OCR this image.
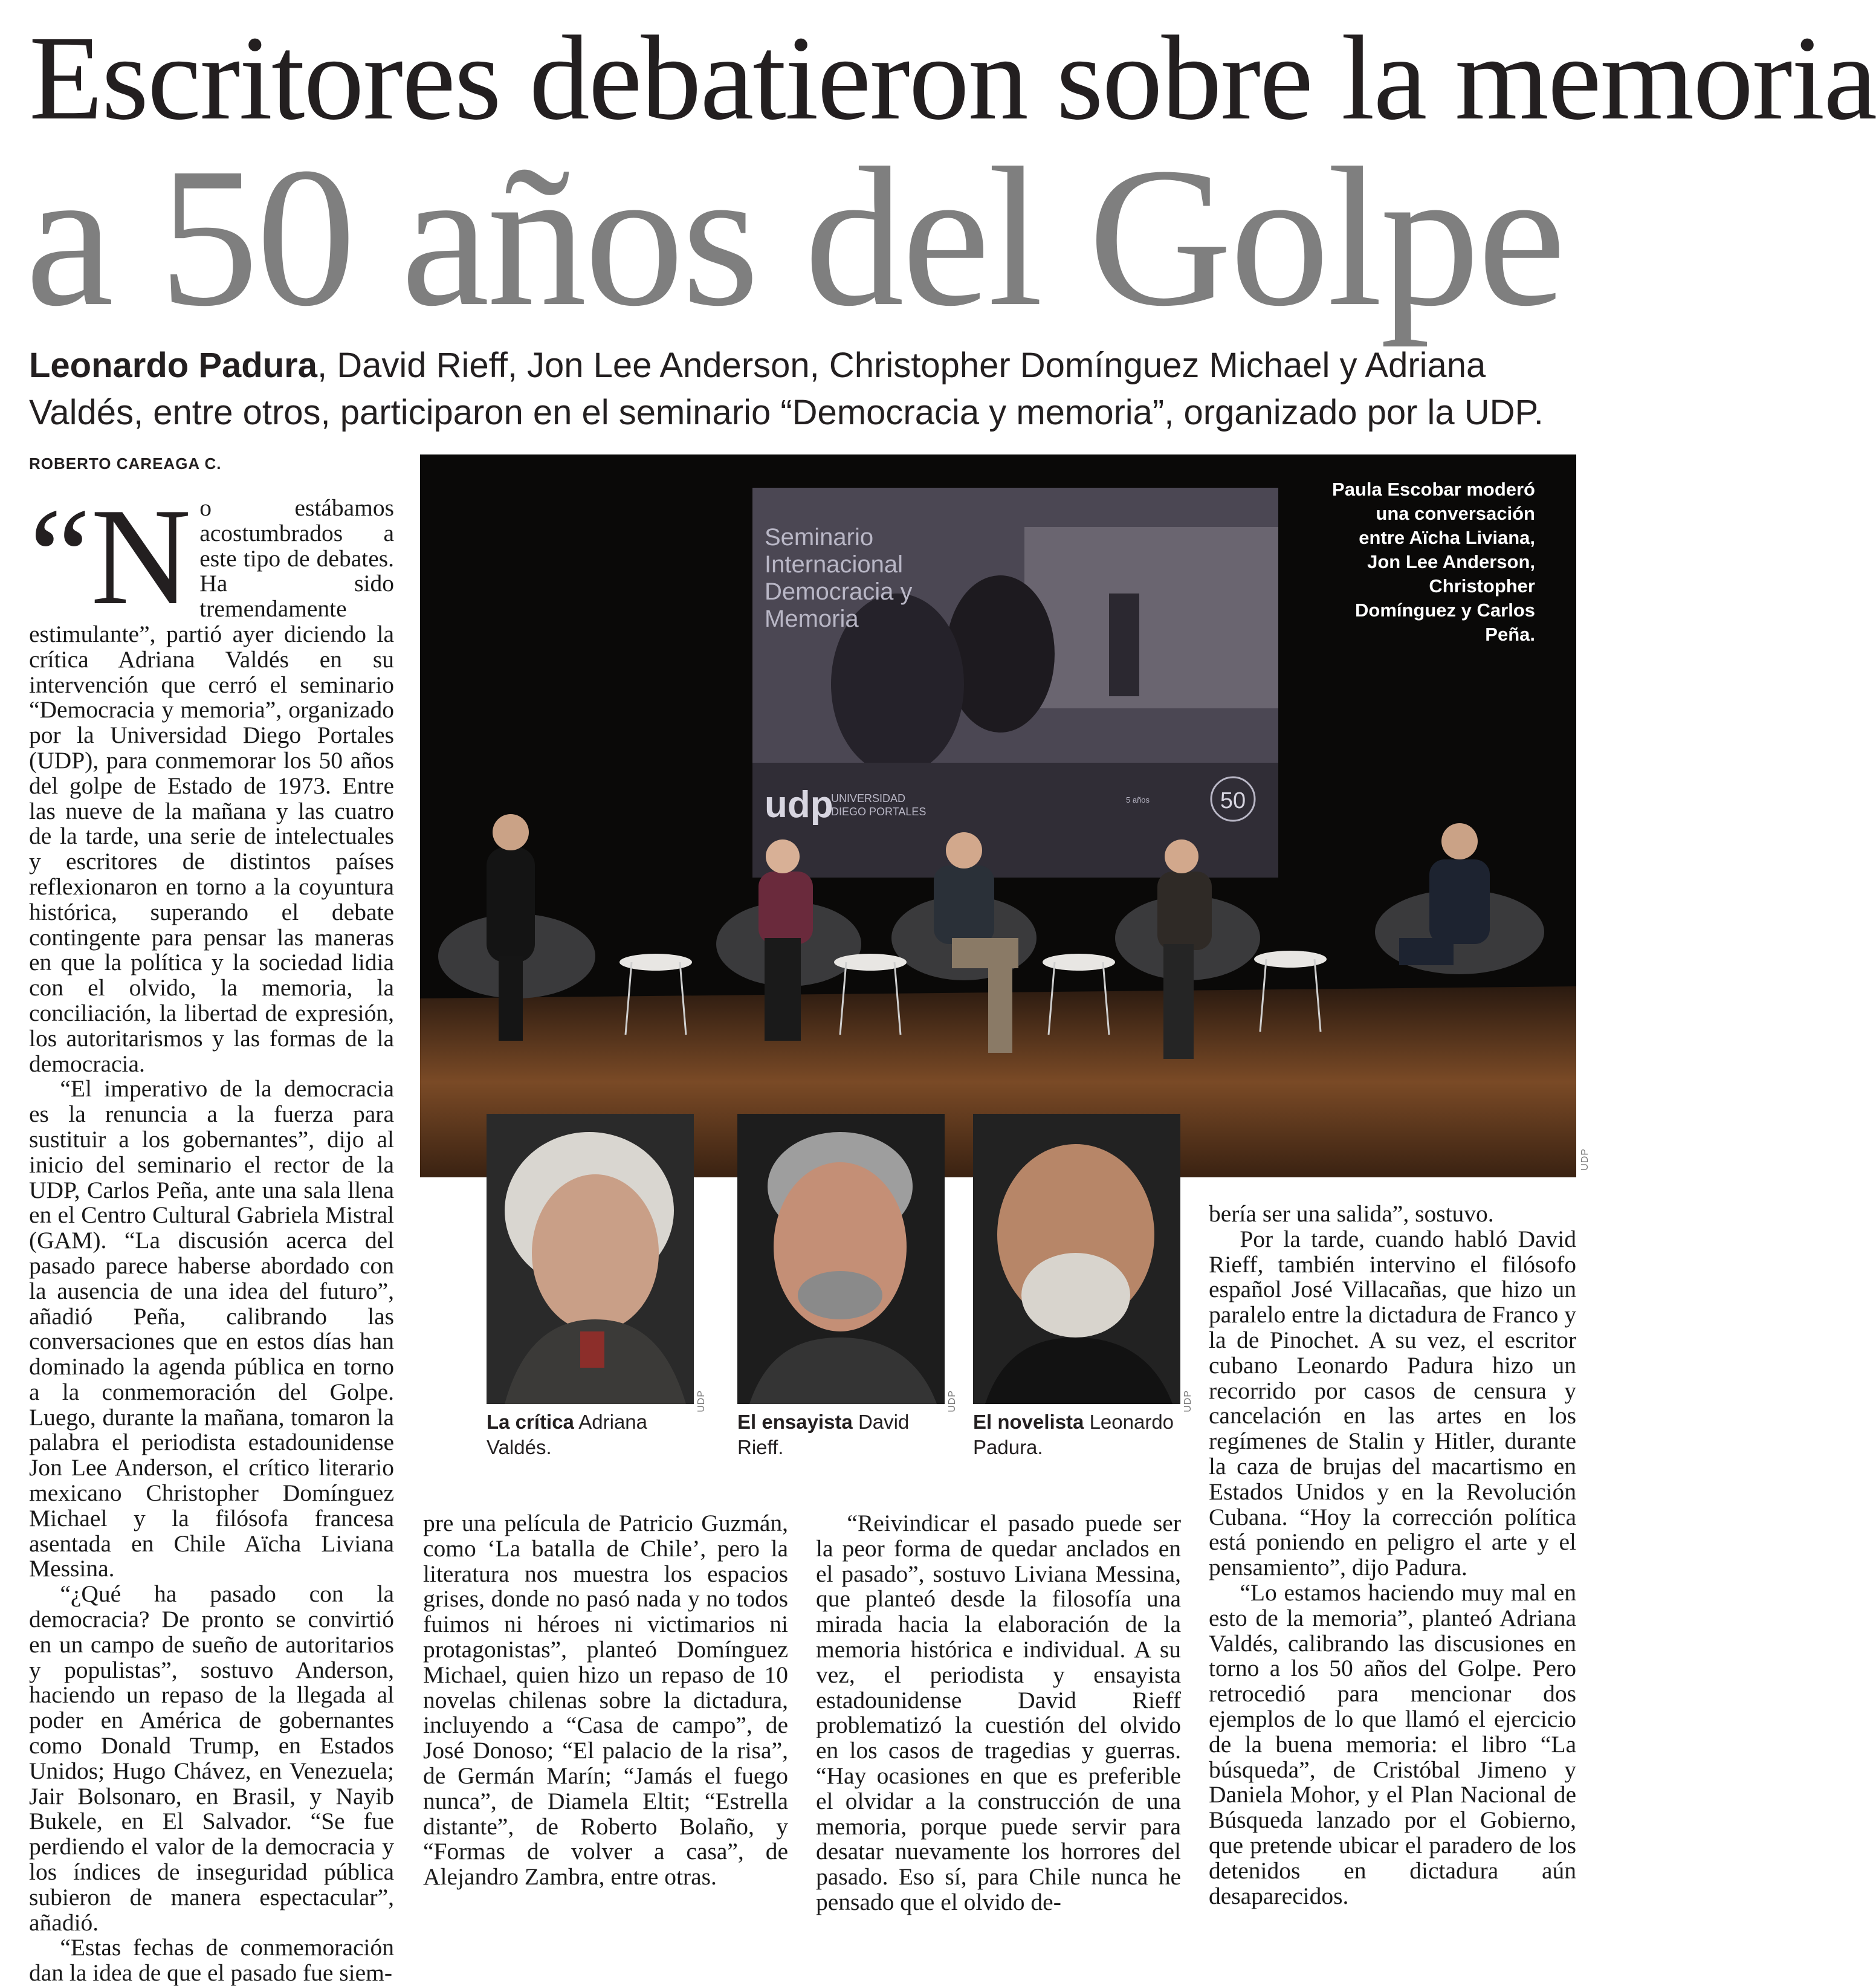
Escritores debatieron sobre la memoria
a 50 años del Golpe
Leonardo Padura, David Rieff, Jon Lee Anderson, Christopher Domínguez Michael y Adriana Valdés, entre otros, participaron en el seminario “Democracia y memoria”, organizado por la UDP.
ROBERTO CAREAGA C.
“N o estábamos acostumbrados a este tipo de debates. Ha sido tremendamente estimulante”, partió ayer diciendo la crítica Adriana Valdés en su intervención que cerró el seminario “Democracia y memoria”, organizado por la Universidad Diego Portales (UDP), para conmemorar los 50 años del golpe de Estado de 1973. Entre las nueve de la mañana y las cuatro de la tarde, una serie de intelectuales y escritores de distintos países reflexionaron en torno a la coyuntura histórica, superando el debate contingente para pensar las maneras en que la política y la sociedad lidia con el olvido, la memoria, la conciliación, la libertad de expresión, los autoritarismos y las formas de la democracia.

“El imperativo de la democracia es la renuncia a la fuerza para sustituir a los gobernantes”, dijo al inicio del seminario el rector de la UDP, Carlos Peña, ante una sala llena en el Centro Cultural Gabriela Mistral (GAM). “La discusión acerca del pasado parece haberse abordado con la ausencia de una idea del futuro”, añadió Peña, calibrando las conversaciones que en estos días han dominado la agenda pública en torno a la conmemoración del Golpe. Luego, durante la mañana, tomaron la palabra el periodista estadounidense Jon Lee Anderson, el crítico literario mexicano Christopher Domínguez Michael y la filósofa francesa asentada en Chile Aïcha Liviana Messina.

“¿Qué ha pasado con la democracia? De pronto se convirtió en un campo de sueño de autoritarios y populistas”, sostuvo Anderson, haciendo un repaso de la llegada al poder en América de gobernantes como Donald Trump, en Estados Unidos; Hugo Chávez, en Venezuela; Jair Bolsonaro, en Brasil, y Nayib Bukele, en El Salvador. “Se fue perdiendo el valor de la democracia y los índices de inseguridad pública subieron de manera espectacular”, añadió.

“Estas fechas de conmemoración dan la idea de que el pasado fue siem-

Seminario
Internacional
Democracia y
Memoria
udp
UNIVERSIDAD
DIEGO PORTALES
5 años	50
Paula Escobar moderó una conversación entre Aïcha Liviana, Jon Lee Anderson, Christopher Domínguez y Carlos Peña.
UDP
UDP	UDP	UDP
La crítica Adriana Valdés.
El ensayista David Rieff.
El novelista Leonardo Padura.

pre una película de Patricio Guzmán, como ‘La batalla de Chile’, pero la literatura nos muestra los espacios grises, donde no pasó nada y no todos fuimos ni héroes ni victimarios ni protagonistas”, planteó Domínguez Michael, quien hizo un repaso de 10 novelas chilenas sobre la dictadura, incluyendo a “Casa de campo”, de José Donoso; “El palacio de la risa”, de Germán Marín; “Jamás el fuego nunca”, de Diamela Eltit; “Estrella distante”, de Roberto Bolaño, y “Formas de volver a casa”, de Alejandro Zambra, entre otras.

“Reivindicar el pasado puede ser la peor forma de quedar anclados en el pasado”, sostuvo Liviana Messina, que planteó desde la filosofía una mirada hacia la elaboración de la memoria histórica e individual. A su vez, el periodista y ensayista estadounidense David Rieff problematizó la cuestión del olvido en los casos de tragedias y guerras. “Hay ocasiones en que es preferible el olvidar a la construcción de una memoria, porque puede servir para desatar nuevamente los horrores del pasado. Eso sí, para Chile nunca he pensado que el olvido de-

bería ser una salida”, sostuvo.

Por la tarde, cuando habló David Rieff, también intervino el filósofo español José Villacañas, que hizo un paralelo entre la dictadura de Franco y la de Pinochet. A su vez, el escritor cubano Leonardo Padura hizo un recorrido por casos de censura y cancelación en las artes en los regímenes de Stalin y Hitler, durante la caza de brujas del macartismo en Estados Unidos y en la Revolución Cubana. “Hoy la corrección política está poniendo en peligro el arte y el pensamiento”, dijo Padura.

“Lo estamos haciendo muy mal en esto de la memoria”, planteó Adriana Valdés, calibrando las discusiones en torno a los 50 años del Golpe. Pero retrocedió para mencionar dos ejemplos de lo que llamó el ejercicio de la buena memoria: el libro “La búsqueda”, de Cristóbal Jimeno y Daniela Mohor, y el Plan Nacional de Búsqueda lanzado por el Gobierno, que pretende ubicar el paradero de los detenidos en dictadura aún desaparecidos.
